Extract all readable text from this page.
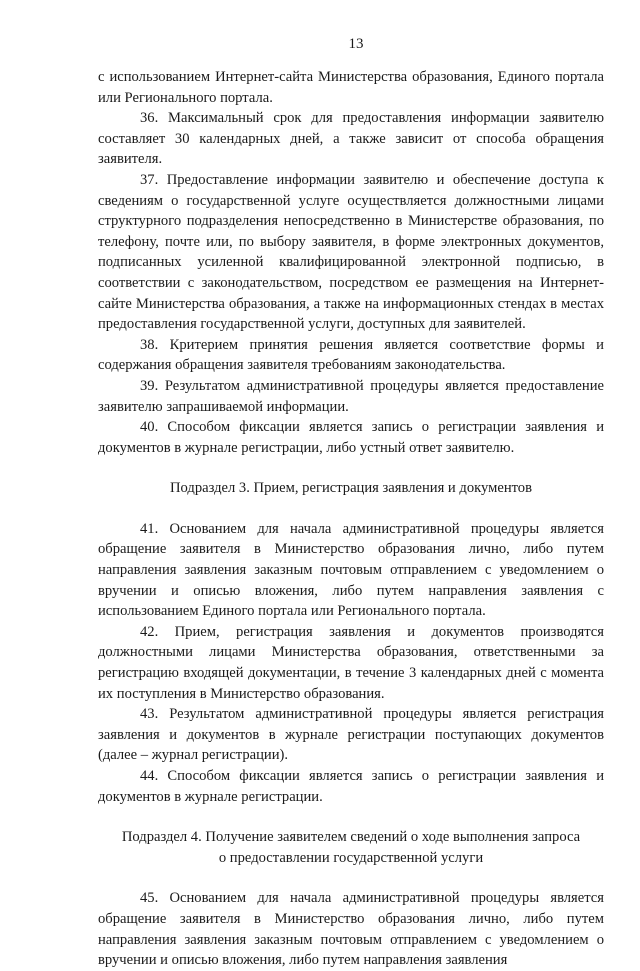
13

с использованием Интернет-сайта Министерства образования, Единого портала или Регионального портала.

36. Максимальный срок для предоставления информации заявителю составляет 30 календарных дней, а также зависит от способа обращения заявителя.

37. Предоставление информации заявителю и обеспечение доступа к сведениям о государственной услуге осуществляется должностными лицами структурного подразделения непосредственно в Министерстве образования, по телефону, почте или, по выбору заявителя, в форме электронных документов, подписанных усиленной квалифицированной электронной подписью, в соответствии с законодательством, посредством ее размещения на Интернет-сайте Министерства образования, а также на информационных стендах в местах предоставления государственной услуги, доступных для заявителей.

38. Критерием принятия решения является соответствие формы и содержания обращения заявителя требованиям законодательства.

39. Результатом административной процедуры является предоставление заявителю запрашиваемой информации.

40. Способом фиксации является запись о регистрации заявления и документов в журнале регистрации, либо устный ответ заявителю.

Подраздел 3. Прием, регистрация заявления и документов

41. Основанием для начала административной процедуры является обращение заявителя в Министерство образования лично, либо путем направления заявления заказным почтовым отправлением с уведомлением о вручении и описью вложения, либо путем направления заявления с использованием Единого портала или Регионального портала.

42. Прием, регистрация заявления и документов производятся должностными лицами Министерства образования, ответственными за регистрацию входящей документации, в течение 3 календарных дней с момента их поступления в Министерство образования.

43. Результатом административной процедуры является регистрация заявления и документов в журнале регистрации поступающих документов (далее – журнал регистрации).

44. Способом фиксации является запись о регистрации заявления и документов в журнале регистрации.

Подраздел 4. Получение заявителем сведений о ходе выполнения запроса

о предоставлении государственной услуги

45. Основанием для начала административной процедуры является обращение заявителя в Министерство образования лично, либо путем направления заявления заказным почтовым отправлением с уведомлением о вручении и описью вложения, либо путем направления заявления
